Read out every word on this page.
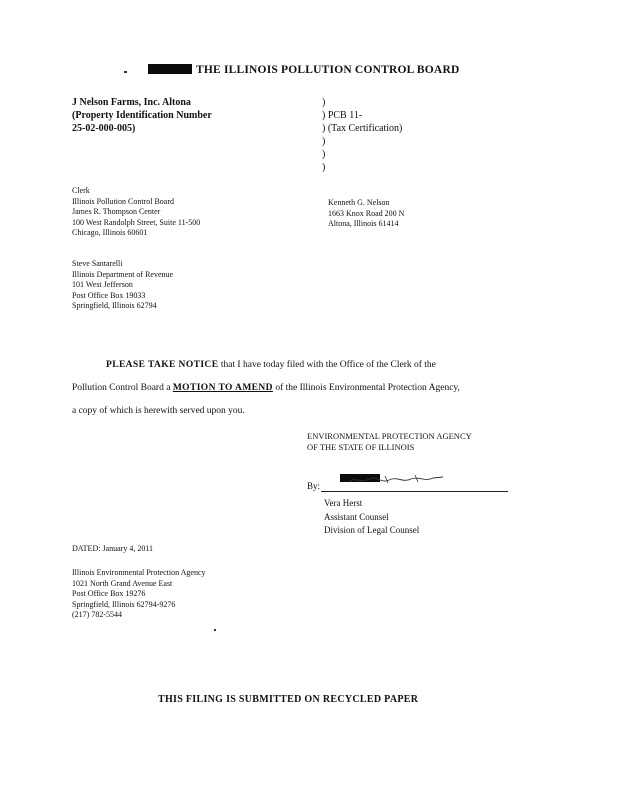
THE ILLINOIS POLLUTION CONTROL BOARD
J Nelson Farms, Inc. Altona
(Property Identification Number
25-02-000-005)
)
) PCB 11-
) (Tax Certification)
)
)
)
Clerk
Illinois Pollution Control Board
James R. Thompson Center
100 West Randolph Street, Suite 11-500
Chicago, Illinois 60601
Kenneth G. Nelson
1663 Knox Road 200 N
Altona, Illinois 61414
Steve Santarelli
Illinois Department of Revenue
101 West Jefferson
Post Office Box 19033
Springfield, Illinois 62794
PLEASE TAKE NOTICE that I have today filed with the Office of the Clerk of the
Pollution Control Board a MOTION TO AMEND of the Illinois Environmental Protection Agency,
a copy of which is herewith served upon you.
ENVIRONMENTAL PROTECTION AGENCY
OF THE STATE OF ILLINOIS
By:
Vera Herst
Assistant Counsel
Division of Legal Counsel
DATED: January 4, 2011
Illinois Environmental Protection Agency
1021 North Grand Avenue East
Post Office Box 19276
Springfield, Illinois 62794-9276
(217) 782-5544
THIS FILING IS SUBMITTED ON RECYCLED PAPER
